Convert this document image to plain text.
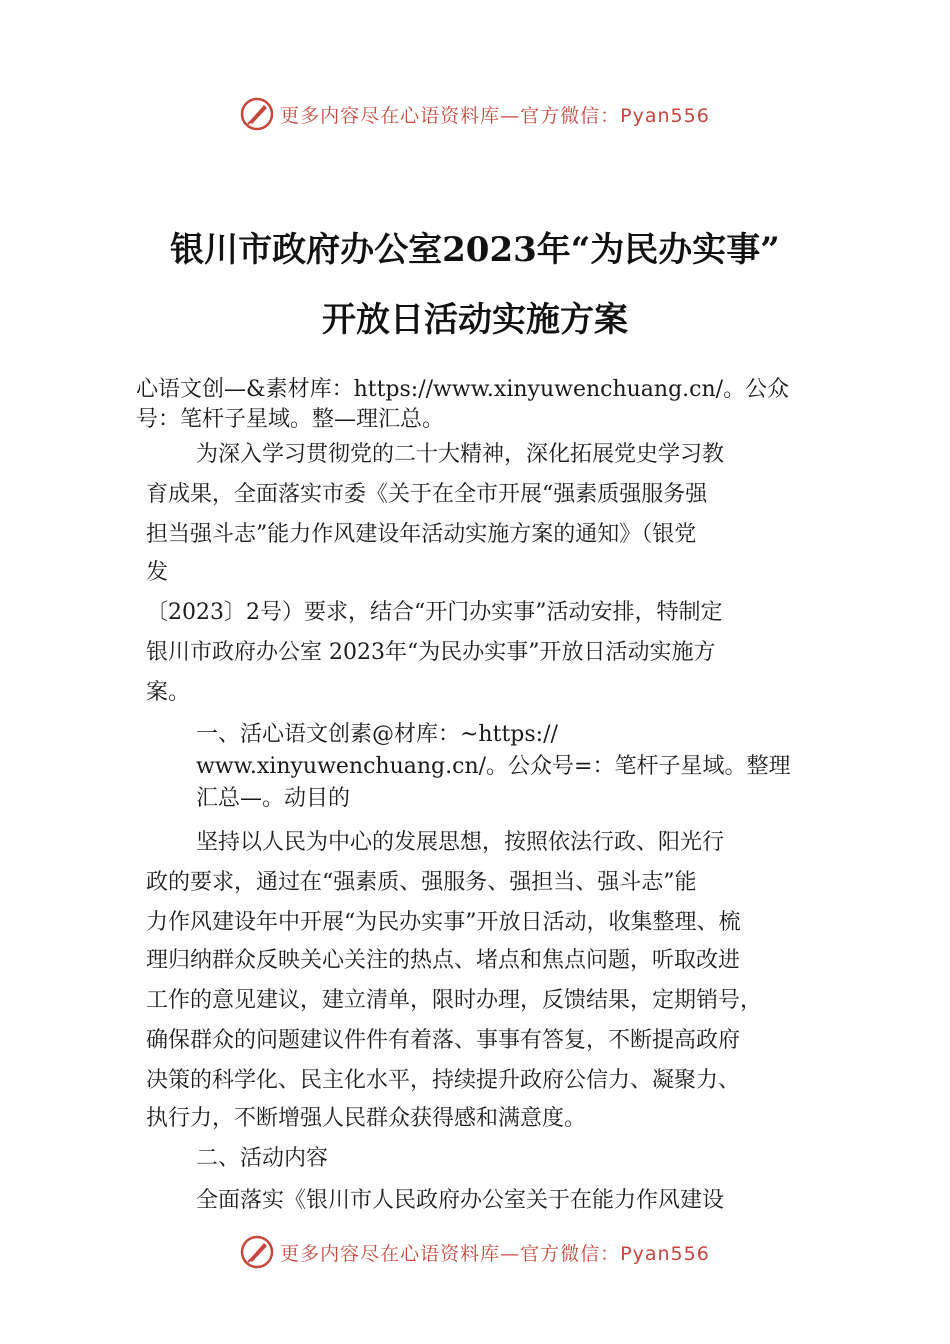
更多内容尽在心语资料库—官方微信：Pyan556
银川市政府办公室2023年“为民办实事”
开放日活动实施方案
心语文创—&素材库：https://www.xinyuwenchuang.cn/。公众
号：笔杆子星域。整—理汇总。
为深入学习贯彻党的二十大精神，深化拓展党史学习教
育成果，全面落实市委《关于在全市开展“强素质强服务强
担当强斗志”能力作风建设年活动实施方案的通知》（银党
发
〔2023〕2号）要求，结合“开门办实事”活动安排，特制定
银川市政府办公室 2023年“为民办实事”开放日活动实施方
案。
一、活心语文创素@材库：~https://
www.xinyuwenchuang.cn/。公众号=：笔杆子星域。整理
汇总—。动目的
坚持以人民为中心的发展思想，按照依法行政、阳光行
政的要求，通过在“强素质、强服务、强担当、强斗志”能
力作风建设年中开展“为民办实事”开放日活动，收集整理、梳
理归纳群众反映关心关注的热点、堵点和焦点问题，听取改进
工作的意见建议，建立清单，限时办理，反馈结果，定期销号，
确保群众的问题建议件件有着落、事事有答复，不断提高政府
决策的科学化、民主化水平，持续提升政府公信力、凝聚力、
执行力，不断增强人民群众获得感和满意度。
二、活动内容
全面落实《银川市人民政府办公室关于在能力作风建设
更多内容尽在心语资料库—官方微信：Pyan556
